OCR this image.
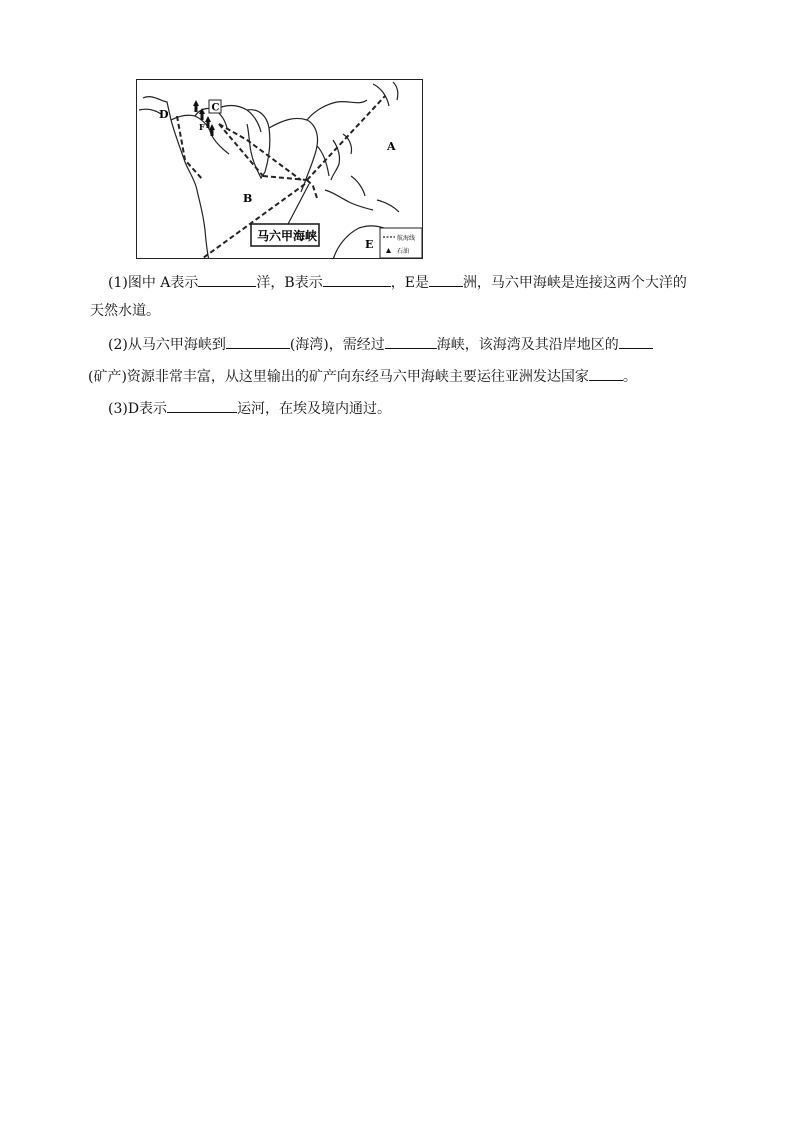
C
D
F
A
B
E
马六甲海峡	航海线
石油
(1)图中 A表示	洋，B表示	，E是 洲，马六甲海峡是连接这两个大洋的
天然水道。
(2)从马六甲海峡到	(海湾)，需经过	海峡，该海湾及其沿岸地区的
(矿产)资源非常丰富，从这里输出的矿产向东经马六甲海峡主要运往亚洲发达国家 。
(3)D表示	运河，在埃及境内通过。
